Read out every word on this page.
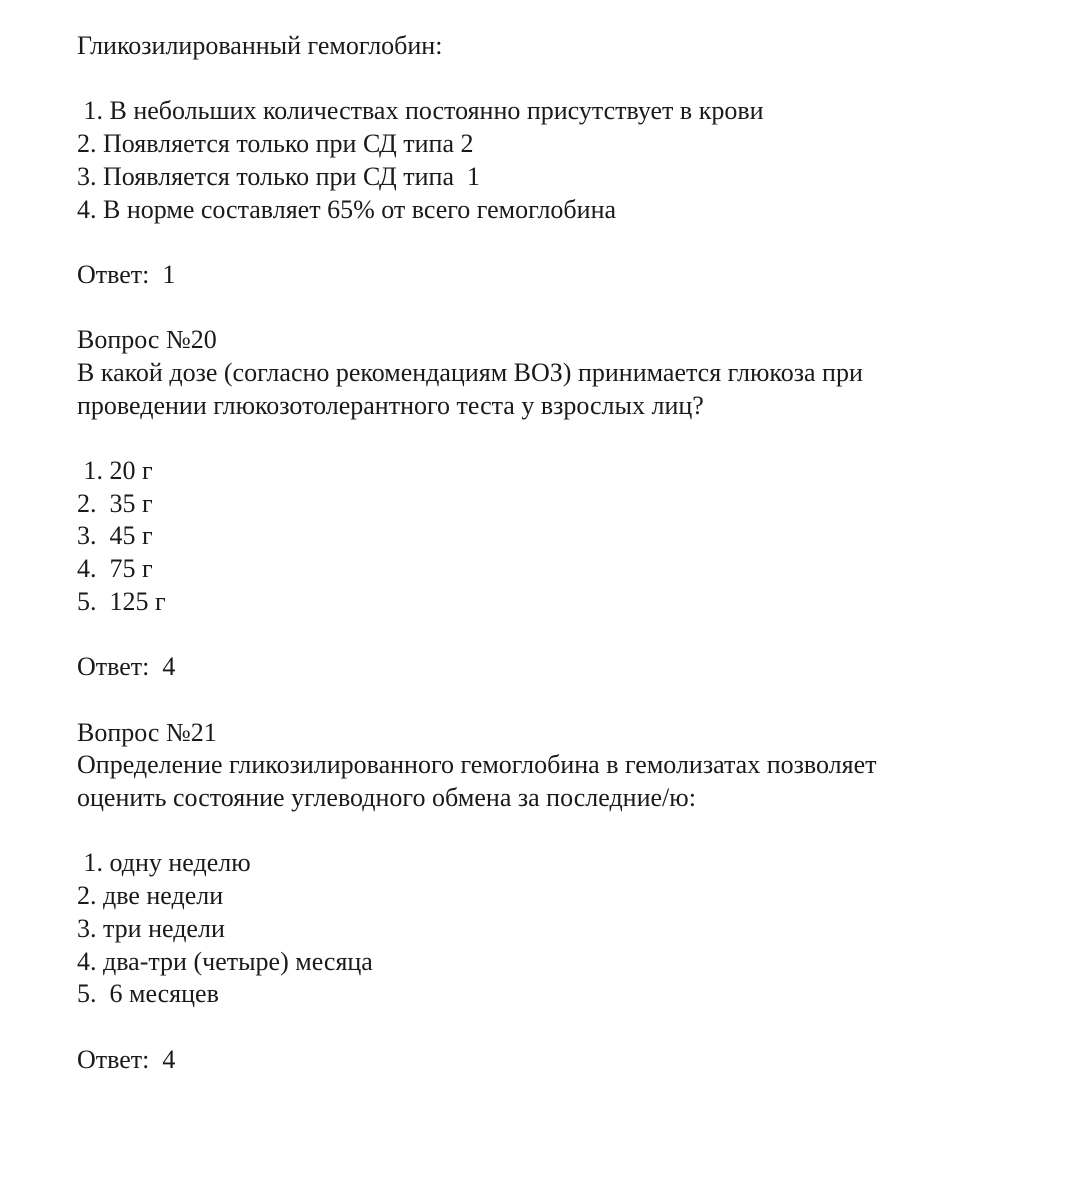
Гликозилированный гемоглобин:
1. В небольших количествах постоянно присутствует в крови
2. Появляется только при СД типа 2
3. Появляется только при СД типа  1
4. В норме составляет 65% от всего гемоглобина
Ответ:  1
Вопрос №20
В какой дозе (согласно рекомендациям ВОЗ) принимается глюкоза при
проведении глюкозотолерантного теста у взрослых лиц?
1. 20 г
2.  35 г
3.  45 г
4.  75 г
5.  125 г
Ответ:  4
Вопрос №21
Определение гликозилированного гемоглобина в гемолизатах позволяет
оценить состояние углеводного обмена за последние/ю:
1. одну неделю
2. две недели
3. три недели
4. два-три (четыре) месяца
5.  6 месяцев
Ответ:  4
